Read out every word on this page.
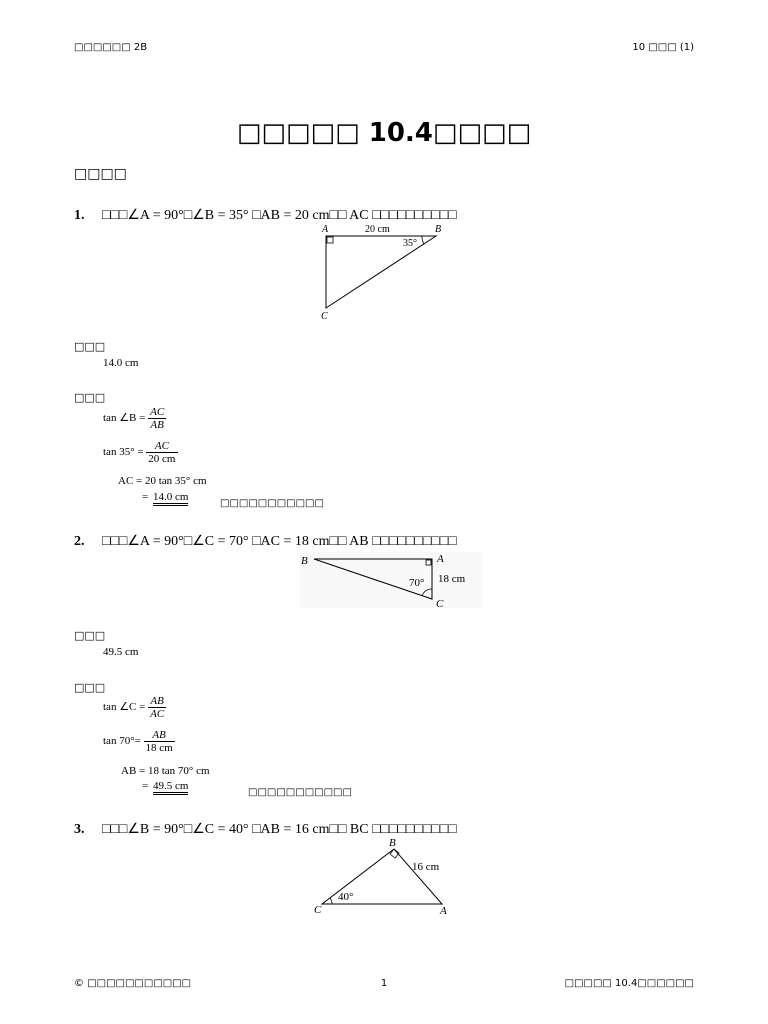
□□□□□□ 2B	10 □□□ (1)
□□□□□ 10.4□□□□
□□□□
1. □□□∠A = 90°□∠B = 35° □AB = 20 cm□□ AC □□□□□□□□□□
A	B
C
20 cm
35°
□□□
14.0 cm
□□□
tan ∠B = $\frac{AC}{AB}$
$\tan 35^\circ = \frac{AC}{20 cm}$
AC = 20 tan 35° cm
= 14.0 cm
□□□□□□□□□□□
2. □□□∠A = 90°□∠C = 70° □AC = 18 cm□□ AB □□□□□□□□□□
B	A
C
18 cm
70°
□□□
49.5 cm
□□□
tan ∠C = $\frac{AB}{AC}$
$\tan 70^\circ= \frac{AB}{18 cm}$
AB = 18 tan 70° cm
= 49.5 cm
□□□□□□□□□□□
3. □□□∠B = 90°□∠C = 40° □AB = 16 cm□□ BC □□□□□□□□□□
B
C	A
16 cm
40°
© □□□□□□□□□□□	1	□□□□□ 10.4□□□□□□
